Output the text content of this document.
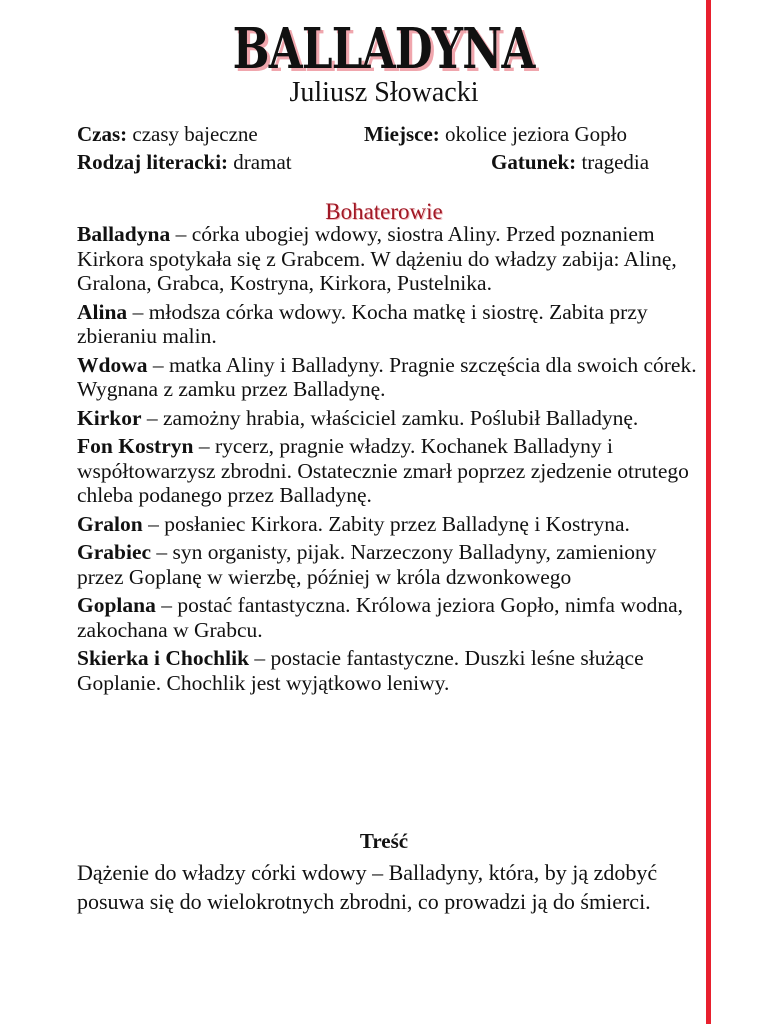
BALLADYNA
Juliusz Słowacki
Czas: czasy bajeczne	Miejsce: okolice jeziora Gopło
Rodzaj literacki: dramat	Gatunek: tragedia
Bohaterowie

Balladyna – córka ubogiej wdowy, siostra Aliny. Przed poznaniem Kirkora spotykała się z Grabcem. W dążeniu do władzy zabija: Alinę, Gralona, Grabca, Kostryna, Kirkora, Pustelnika.

Alina – młodsza córka wdowy. Kocha matkę i siostrę. Zabita przy zbieraniu malin.

Wdowa – matka Aliny i Balladyny. Pragnie szczęścia dla swoich córek. Wygnana z zamku przez Balladynę.

Kirkor – zamożny hrabia, właściciel zamku. Poślubił Balladynę.

Fon Kostryn – rycerz, pragnie władzy. Kochanek Balladyny i współtowarzysz zbrodni. Ostatecznie zmarł poprzez zjedzenie otrutego chleba podanego przez Balladynę.

Gralon – posłaniec Kirkora. Zabity przez Balladynę i Kostryna.

Grabiec – syn organisty, pijak. Narzeczony Balladyny, zamieniony przez Goplanę w wierzbę, później w króla dzwonkowego

Goplana – postać fantastyczna. Królowa jeziora Gopło, nimfa wodna, zakochana w Grabcu.

Skierka i Chochlik – postacie fantastyczne. Duszki leśne służące Goplanie. Chochlik jest wyjątkowo leniwy.

Treść
Dążenie do władzy córki wdowy – Balladyny, która, by ją zdobyć posuwa się do wielokrotnych zbrodni, co prowadzi ją do śmierci.
